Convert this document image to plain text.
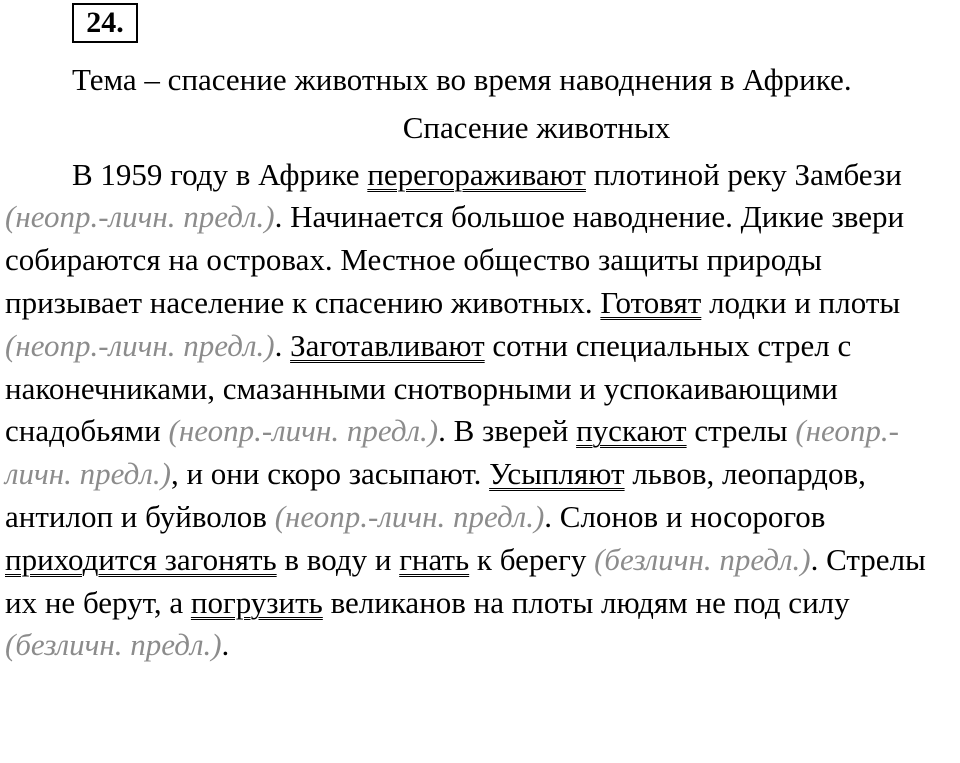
24.

Тема – спасение животных во время наводнения в Африке.

Спасение животных

В 1959 году в Африке перегораживают плотиной реку Замбези (неопр.-личн. предл.). Начинается большое наводнение. Дикие звери собираются на островах. Местное общество защиты природы призывает население к спасению животных. Готовят лодки и плоты (неопр.-личн. предл.). Заготавливают сотни специальных стрел с наконечниками, смазанными снотворными и успокаивающими снадобьями (неопр.-личн. предл.). В зверей пускают стрелы (неопр.-личн. предл.), и они скоро засыпают. Усыпляют львов, леопардов, антилоп и буйволов (неопр.-личн. предл.). Слонов и носорогов приходится загонять в воду и гнать к берегу (безличн. предл.). Стрелы их не берут, а погрузить великанов на плоты людям не под силу (безличн. предл.).
